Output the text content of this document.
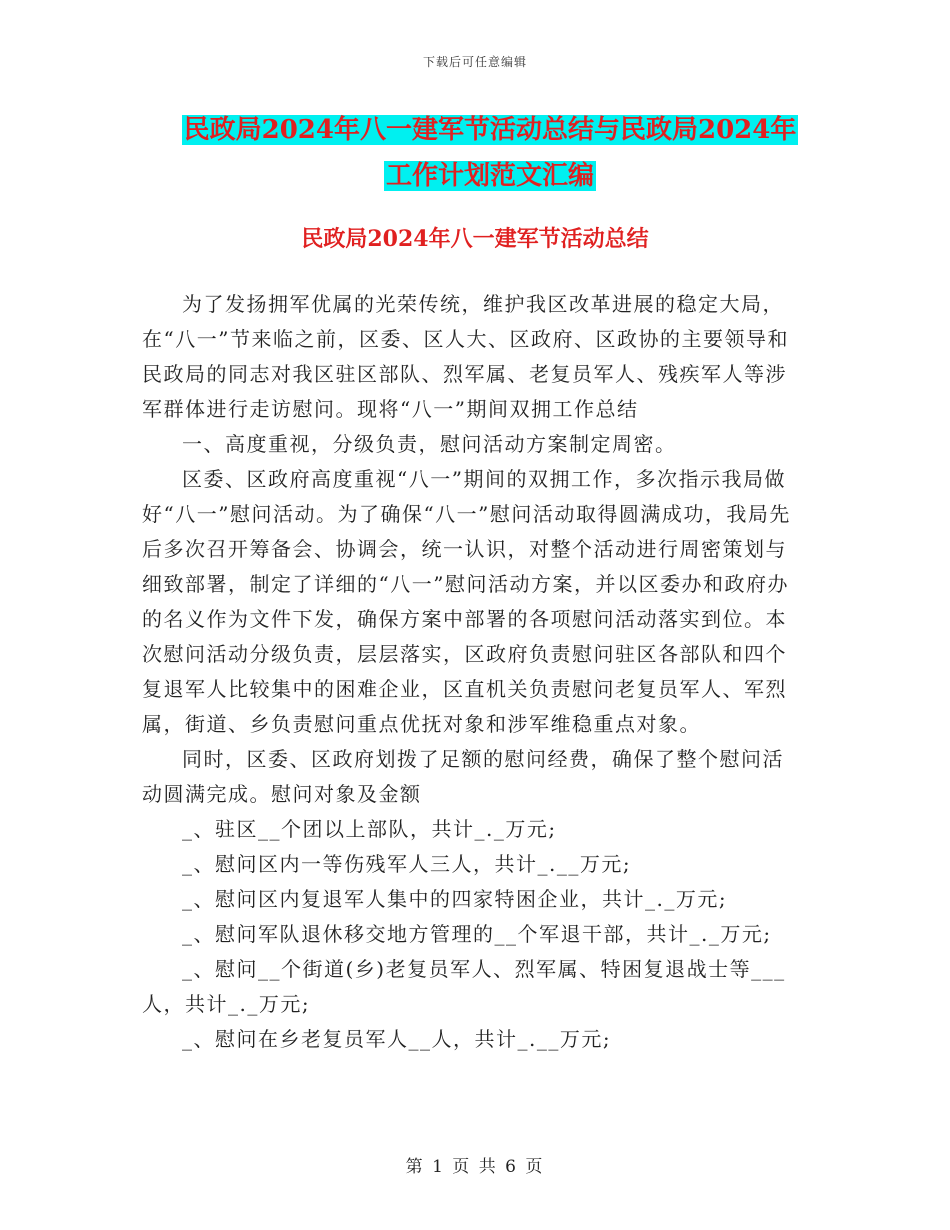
下载后可任意编辑
民政局2024年八一建军节活动总结与民政局2024年
工作计划范文汇编
民政局2024年八一建军节活动总结

为了发扬拥军优属的光荣传统，维护我区改革进展的稳定大局，在“八一”节来临之前，区委、区人大、区政府、区政协的主要领导和民政局的同志对我区驻区部队、烈军属、老复员军人、残疾军人等涉军群体进行走访慰问。现将“八一”期间双拥工作总结

一、高度重视，分级负责，慰问活动方案制定周密。

区委、区政府高度重视“八一”期间的双拥工作，多次指示我局做好“八一”慰问活动。为了确保“八一”慰问活动取得圆满成功，我局先后多次召开筹备会、协调会，统一认识，对整个活动进行周密策划与细致部署，制定了详细的“八一”慰问活动方案，并以区委办和政府办的名义作为文件下发，确保方案中部署的各项慰问活动落实到位。本次慰问活动分级负责，层层落实，区政府负责慰问驻区各部队和四个复退军人比较集中的困难企业，区直机关负责慰问老复员军人、军烈属，街道、乡负责慰问重点优抚对象和涉军维稳重点对象。

同时，区委、区政府划拨了足额的慰问经费，确保了整个慰问活动圆满完成。慰问对象及金额

_、驻区__个团以上部队，共计_._万元;

_、慰问区内一等伤残军人三人，共计_.__万元;

_、慰问区内复退军人集中的四家特困企业，共计_._万元;

_、慰问军队退休移交地方管理的__个军退干部，共计_._万元;

_、慰问__个街道(乡)老复员军人、烈军属、特困复退战士等___人，共计_._万元;

_、慰问在乡老复员军人__人，共计_.__万元;

第 1 页 共 6 页
